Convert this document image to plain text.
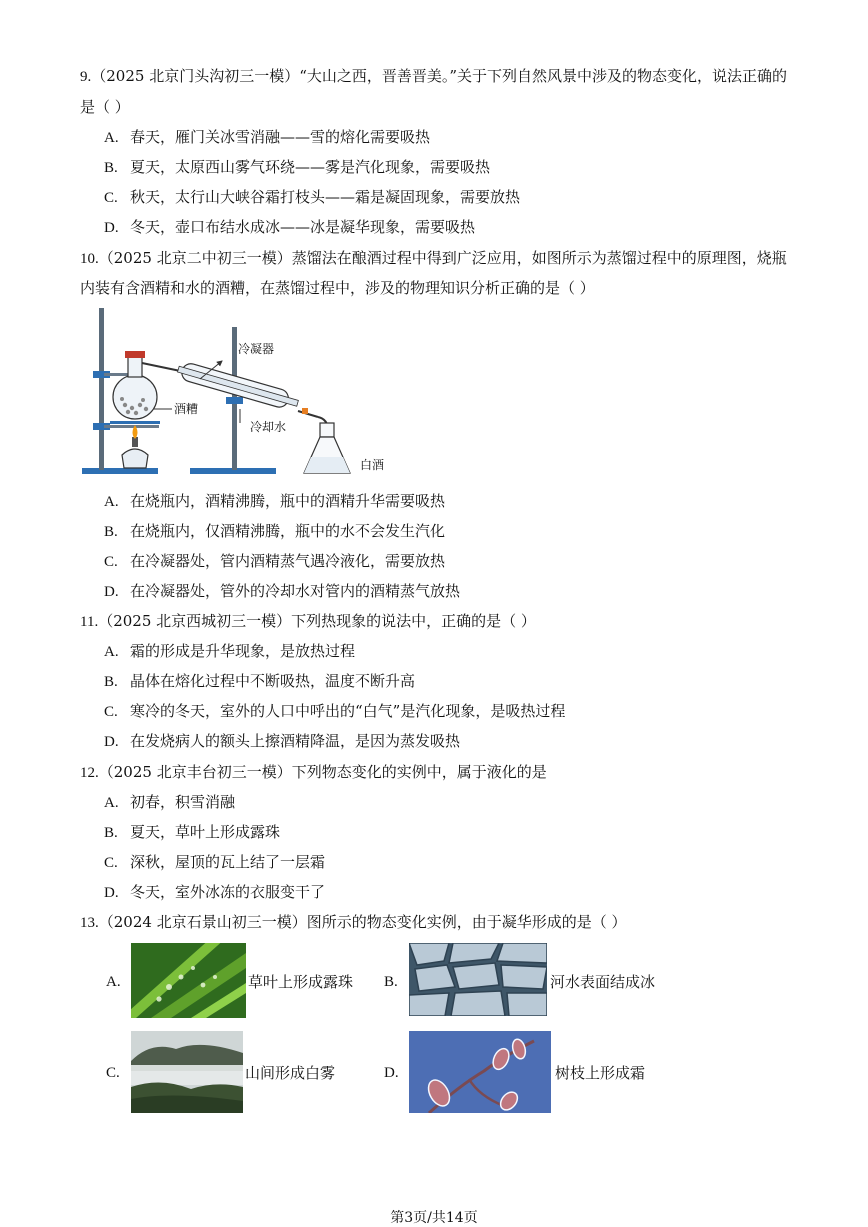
9.（2025 北京门头沟初三一模）“大山之西，晋善晋美。”关于下列自然风景中涉及的物态变化，说法正确的
是（ ）
A. 春天，雁门关冰雪消融——雪的熔化需要吸热
B. 夏天，太原西山雾气环绕——雾是汽化现象，需要吸热
C. 秋天，太行山大峡谷霜打枝头——霜是凝固现象，需要放热
D. 冬天，壶口布结水成冰——冰是凝华现象，需要吸热
10.（2025 北京二中初三一模）蒸馏法在酿酒过程中得到广泛应用，如图所示为蒸馏过程中的原理图，烧瓶
内装有含酒精和水的酒糟，在蒸馏过程中，涉及的物理知识分析正确的是（ ）
冷凝器
酒糟
冷却水
白酒
A. 在烧瓶内，酒精沸腾，瓶中的酒精升华需要吸热
B. 在烧瓶内，仅酒精沸腾，瓶中的水不会发生汽化
C. 在冷凝器处，管内酒精蒸气遇冷液化，需要放热
D. 在冷凝器处，管外的冷却水对管内的酒精蒸气放热
11.（2025 北京西城初三一模）下列热现象的说法中，正确的是（ ）
A. 霜的形成是升华现象，是放热过程
B. 晶体在熔化过程中不断吸热，温度不断升高
C. 寒冷的冬天，室外的人口中呼出的“白气”是汽化现象，是吸热过程
D. 在发烧病人的额头上擦酒精降温，是因为蒸发吸热
12.（2025 北京丰台初三一模）下列物态变化的实例中，属于液化的是
A. 初春，积雪消融
B. 夏天，草叶上形成露珠
C. 深秋，屋顶的瓦上结了一层霜
D. 冬天，室外冰冻的衣服变干了
13.（2024 北京石景山初三一模）图所示的物态变化实例，由于凝华形成的是（ ）
A.	草叶上形成露珠 B.	河水表面结成冰
C.	山间形成白雾	D.	树枝上形成霜
第3页/共14页
